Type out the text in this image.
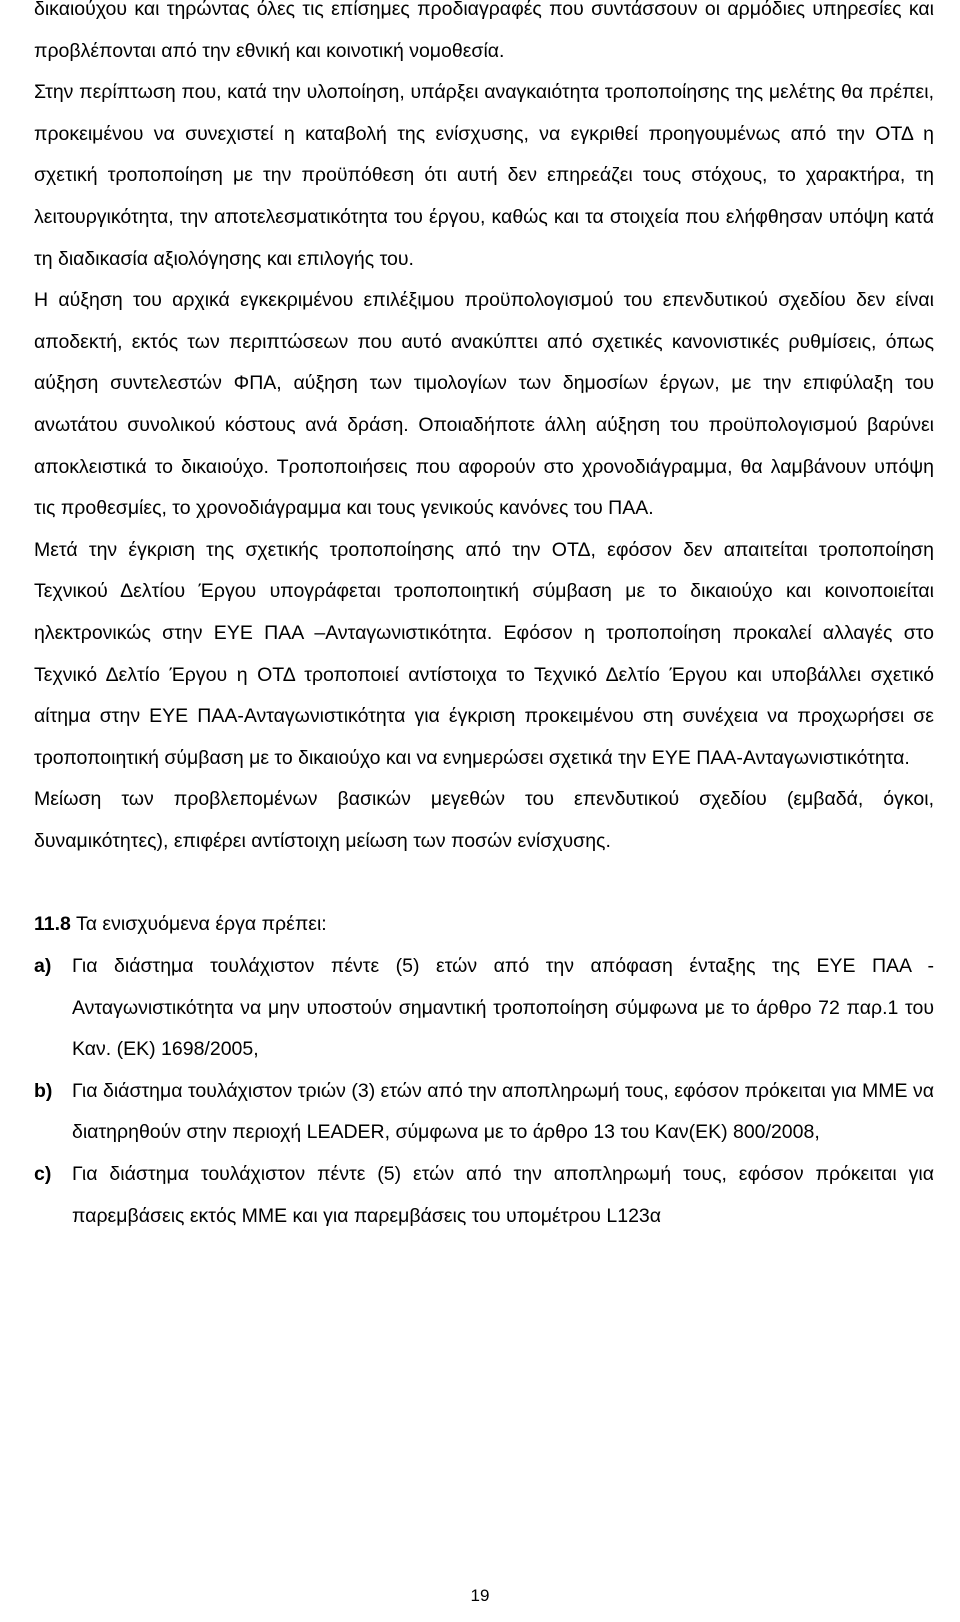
δικαιούχου και τηρώντας όλες τις επίσημες προδιαγραφές που συντάσσουν οι αρμόδιες υπηρεσίες και προβλέπονται από την εθνική και κοινοτική νομοθεσία.

Στην περίπτωση που, κατά την υλοποίηση, υπάρξει αναγκαιότητα τροποποίησης της μελέτης θα πρέπει, προκειμένου να συνεχιστεί η καταβολή της ενίσχυσης, να εγκριθεί προηγουμένως από την ΟΤΔ η σχετική τροποποίηση με την προϋπόθεση ότι αυτή δεν επηρεάζει τους στόχους, το χαρακτήρα, τη λειτουργικότητα, την αποτελεσματικότητα του έργου, καθώς και τα στοιχεία που ελήφθησαν υπόψη κατά τη διαδικασία αξιολόγησης και επιλογής του.

Η αύξηση του αρχικά εγκεκριμένου επιλέξιμου προϋπολογισμού του επενδυτικού σχεδίου δεν είναι αποδεκτή, εκτός των περιπτώσεων που αυτό ανακύπτει από σχετικές κανονιστικές ρυθμίσεις, όπως αύξηση συντελεστών ΦΠΑ, αύξηση των τιμολογίων των δημοσίων έργων, με την επιφύλαξη του ανωτάτου συνολικού κόστους ανά δράση. Οποιαδήποτε άλλη αύξηση του προϋπολογισμού βαρύνει αποκλειστικά το δικαιούχο. Τροποποιήσεις που αφορούν στο χρονοδιάγραμμα, θα λαμβάνουν υπόψη τις προθεσμίες, το χρονοδιάγραμμα και τους γενικούς κανόνες του ΠΑΑ.

Μετά την έγκριση της σχετικής τροποποίησης από την ΟΤΔ, εφόσον δεν απαιτείται τροποποίηση Τεχνικού Δελτίου Έργου υπογράφεται τροποποιητική σύμβαση με το δικαιούχο και κοινοποιείται ηλεκτρονικώς στην ΕΥΕ ΠΑΑ –Ανταγωνιστικότητα. Εφόσον η τροποποίηση προκαλεί αλλαγές στο Τεχνικό Δελτίο Έργου η ΟΤΔ τροποποιεί αντίστοιχα το Τεχνικό Δελτίο Έργου και υποβάλλει σχετικό αίτημα στην ΕΥΕ ΠΑΑ-Ανταγωνιστικότητα για έγκριση προκειμένου στη συνέχεια να προχωρήσει σε τροποποιητική σύμβαση με το δικαιούχο και να ενημερώσει σχετικά την ΕΥΕ ΠΑΑ-Ανταγωνιστικότητα.

Μείωση των προβλεπομένων βασικών μεγεθών του επενδυτικού σχεδίου (εμβαδά, όγκοι, δυναμικότητες), επιφέρει αντίστοιχη μείωση των ποσών ενίσχυσης.

11.8 Τα ενισχυόμενα έργα πρέπει:

a)	Για διάστημα τουλάχιστον πέντε (5) ετών από την απόφαση ένταξης της ΕΥΕ ΠΑΑ - Ανταγωνιστικότητα να μην υποστούν σημαντική τροποποίηση σύμφωνα με το άρθρο 72 παρ.1 του Καν. (ΕΚ) 1698/2005,
b)	Για διάστημα τουλάχιστον τριών (3) ετών από την αποπληρωμή τους, εφόσον πρόκειται για ΜΜΕ να διατηρηθούν στην περιοχή LEADER, σύμφωνα με το άρθρο 13 του Καν(ΕΚ) 800/2008,
c)	Για διάστημα τουλάχιστον πέντε (5) ετών από την αποπληρωμή τους, εφόσον πρόκειται για παρεμβάσεις εκτός ΜΜΕ και για παρεμβάσεις του υπομέτρου L123α
19
